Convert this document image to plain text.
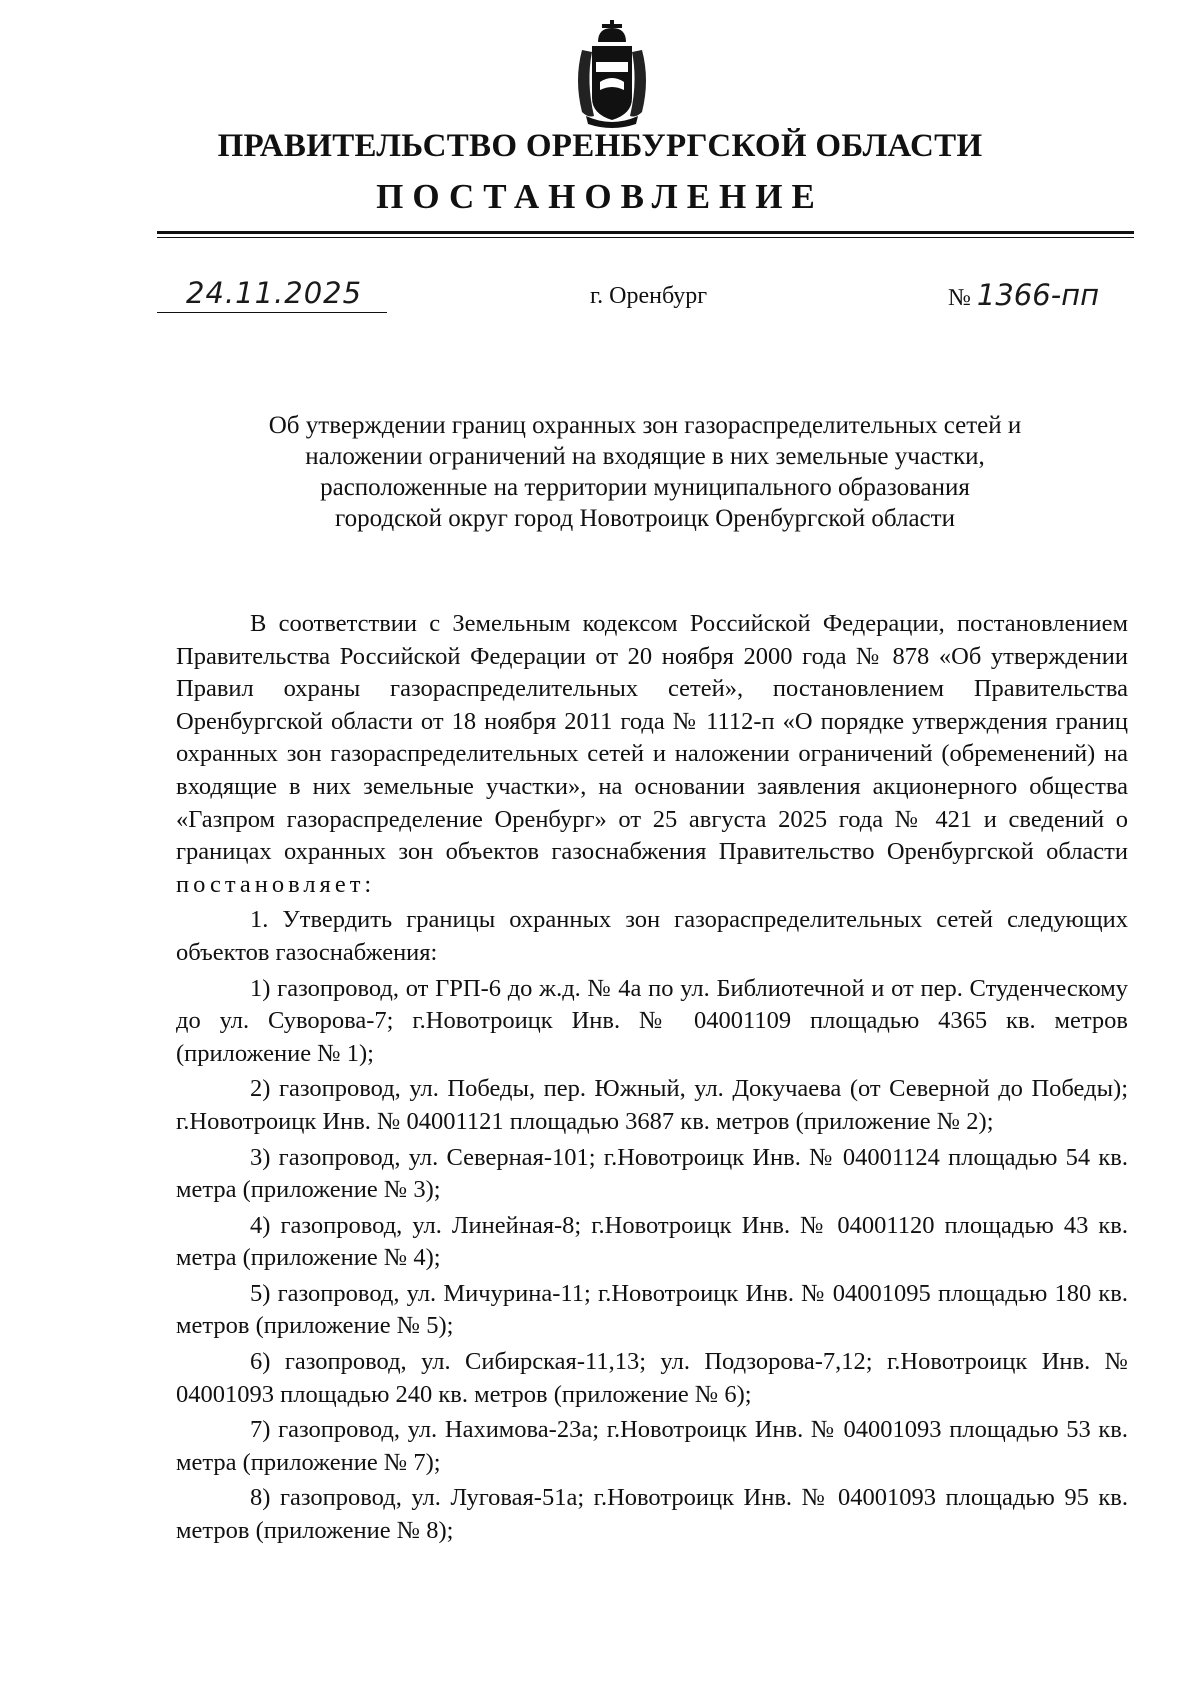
ПРАВИТЕЛЬСТВО ОРЕНБУРГСКОЙ ОБЛАСТИ
ПОСТАНОВЛЕНИЕ
24.11.2025	г. Оренбург	№ 1366-пп
Об утверждении границ охранных зон газораспределительных сетей и
наложении ограничений на входящие в них земельные участки,
расположенные на территории муниципального образования
городской округ город Новотроицк Оренбургской области

В соответствии с Земельным кодексом Российской Федерации, постановлением Правительства Российской Федерации от 20 ноября 2000 года № 878 «Об утверждении Правил охраны газораспределительных сетей», постановлением Правительства Оренбургской области от 18 ноября 2011 года № 1112-п «О порядке утверждения границ охранных зон газораспределительных сетей и наложении ограничений (обременений) на входящие в них земельные участки», на основании заявления акционерного общества «Газпром газораспределение Оренбург» от 25 августа 2025 года № 421 и сведений о границах охранных зон объектов газоснабжения Правительство Оренбургской области постановляет:

1. Утвердить границы охранных зон газораспределительных сетей следующих объектов газоснабжения:

1) газопровод, от ГРП-6 до ж.д. № 4а по ул. Библиотечной и от пер. Студенческому до ул. Суворова-7; г.Новотроицк Инв. № 04001109 площадью 4365 кв. метров (приложение № 1);

2) газопровод, ул. Победы, пер. Южный, ул. Докучаева (от Северной до Победы); г.Новотроицк Инв. № 04001121 площадью 3687 кв. метров (приложение № 2);

3) газопровод, ул. Северная-101; г.Новотроицк Инв. № 04001124 площадью 54 кв. метра (приложение № 3);

4) газопровод, ул. Линейная-8; г.Новотроицк Инв. № 04001120 площадью 43 кв. метра (приложение № 4);

5) газопровод, ул. Мичурина-11; г.Новотроицк Инв. № 04001095 площадью 180 кв. метров (приложение № 5);

6) газопровод, ул. Сибирская-11,13; ул. Подзорова-7,12; г.Новотроицк Инв. № 04001093 площадью 240 кв. метров (приложение № 6);

7) газопровод, ул. Нахимова-23а; г.Новотроицк Инв. № 04001093 площадью 53 кв. метра (приложение № 7);

8) газопровод, ул. Луговая-51а; г.Новотроицк Инв. № 04001093 площадью 95 кв. метров (приложение № 8);
